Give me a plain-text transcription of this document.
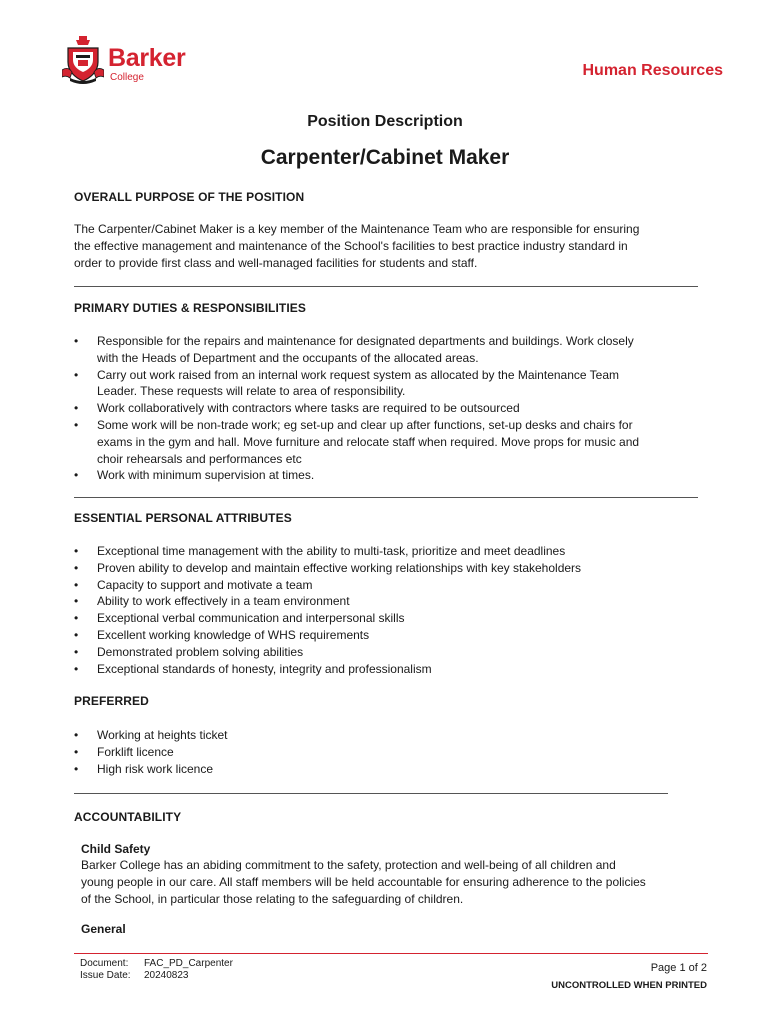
Barker
College	Human Resources
Position Description
Carpenter/Cabinet Maker
OVERALL PURPOSE OF THE POSITION
The Carpenter/Cabinet Maker is a key member of the Maintenance Team who are responsible for ensuring
the effective management and maintenance of the School's facilities to best practice industry standard in
order to provide first class and well-managed facilities for students and staff.
PRIMARY DUTIES & RESPONSIBILITIES
• Responsible for the repairs and maintenance for designated departments and buildings. Work closely
with the Heads of Department and the occupants of the allocated areas.
• Carry out work raised from an internal work request system as allocated by the Maintenance Team
Leader. These requests will relate to area of responsibility.
• Work collaboratively with contractors where tasks are required to be outsourced
• Some work will be non-trade work; eg set-up and clear up after functions, set-up desks and chairs for
exams in the gym and hall. Move furniture and relocate staff when required. Move props for music and
choir rehearsals and performances etc
• Work with minimum supervision at times.
ESSENTIAL PERSONAL ATTRIBUTES
• Exceptional time management with the ability to multi-task, prioritize and meet deadlines
• Proven ability to develop and maintain effective working relationships with key stakeholders
• Capacity to support and motivate a team
• Ability to work effectively in a team environment
• Exceptional verbal communication and interpersonal skills
• Excellent working knowledge of WHS requirements
• Demonstrated problem solving abilities
• Exceptional standards of honesty, integrity and professionalism
PREFERRED
• Working at heights ticket
• Forklift licence
• High risk work licence
ACCOUNTABILITY
Child Safety
Barker College has an abiding commitment to the safety, protection and well-being of all children and
young people in our care. All staff members will be held accountable for ensuring adherence to the policies
of the School, in particular those relating to the safeguarding of children.
General
Document: FAC_PD_Carpenter
Issue Date: 20240823
Page 1 of 2
UNCONTROLLED WHEN PRINTED
